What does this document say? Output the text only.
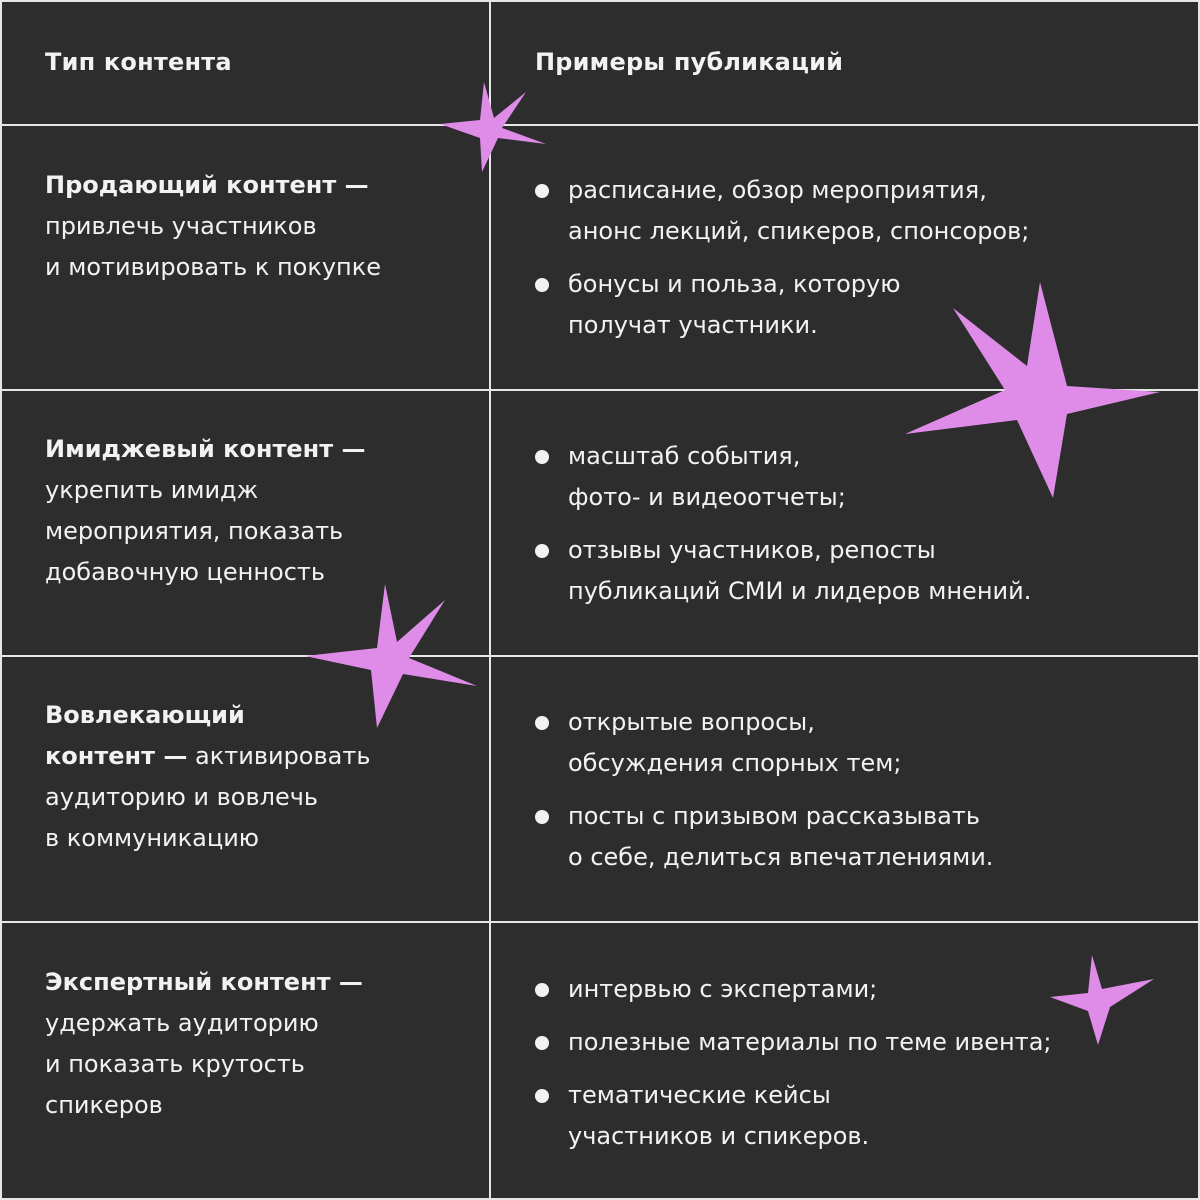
Тип контента	Примеры публикаций
Продающий контент —
привлечь участников
и мотивировать к покупке
расписание, обзор мероприятия,
анонс лекций, спикеров, спонсоров;
бонусы и польза, которую
получат участники.
Имиджевый контент —
укрепить имидж
мероприятия, показать
добавочную ценность
масштаб события,
фото- и видеоотчеты;
отзывы участников, репосты
публикаций СМИ и лидеров мнений.
Вовлекающий
контент — активировать
аудиторию и вовлечь
в коммуникацию
открытые вопросы,
обсуждения спорных тем;
посты с призывом рассказывать
о себе, делиться впечатлениями.
Экспертный контент —
удержать аудиторию
и показать крутость
спикеров
интервью с экспертами;
полезные материалы по теме ивента;
тематические кейсы
участников и спикеров.
